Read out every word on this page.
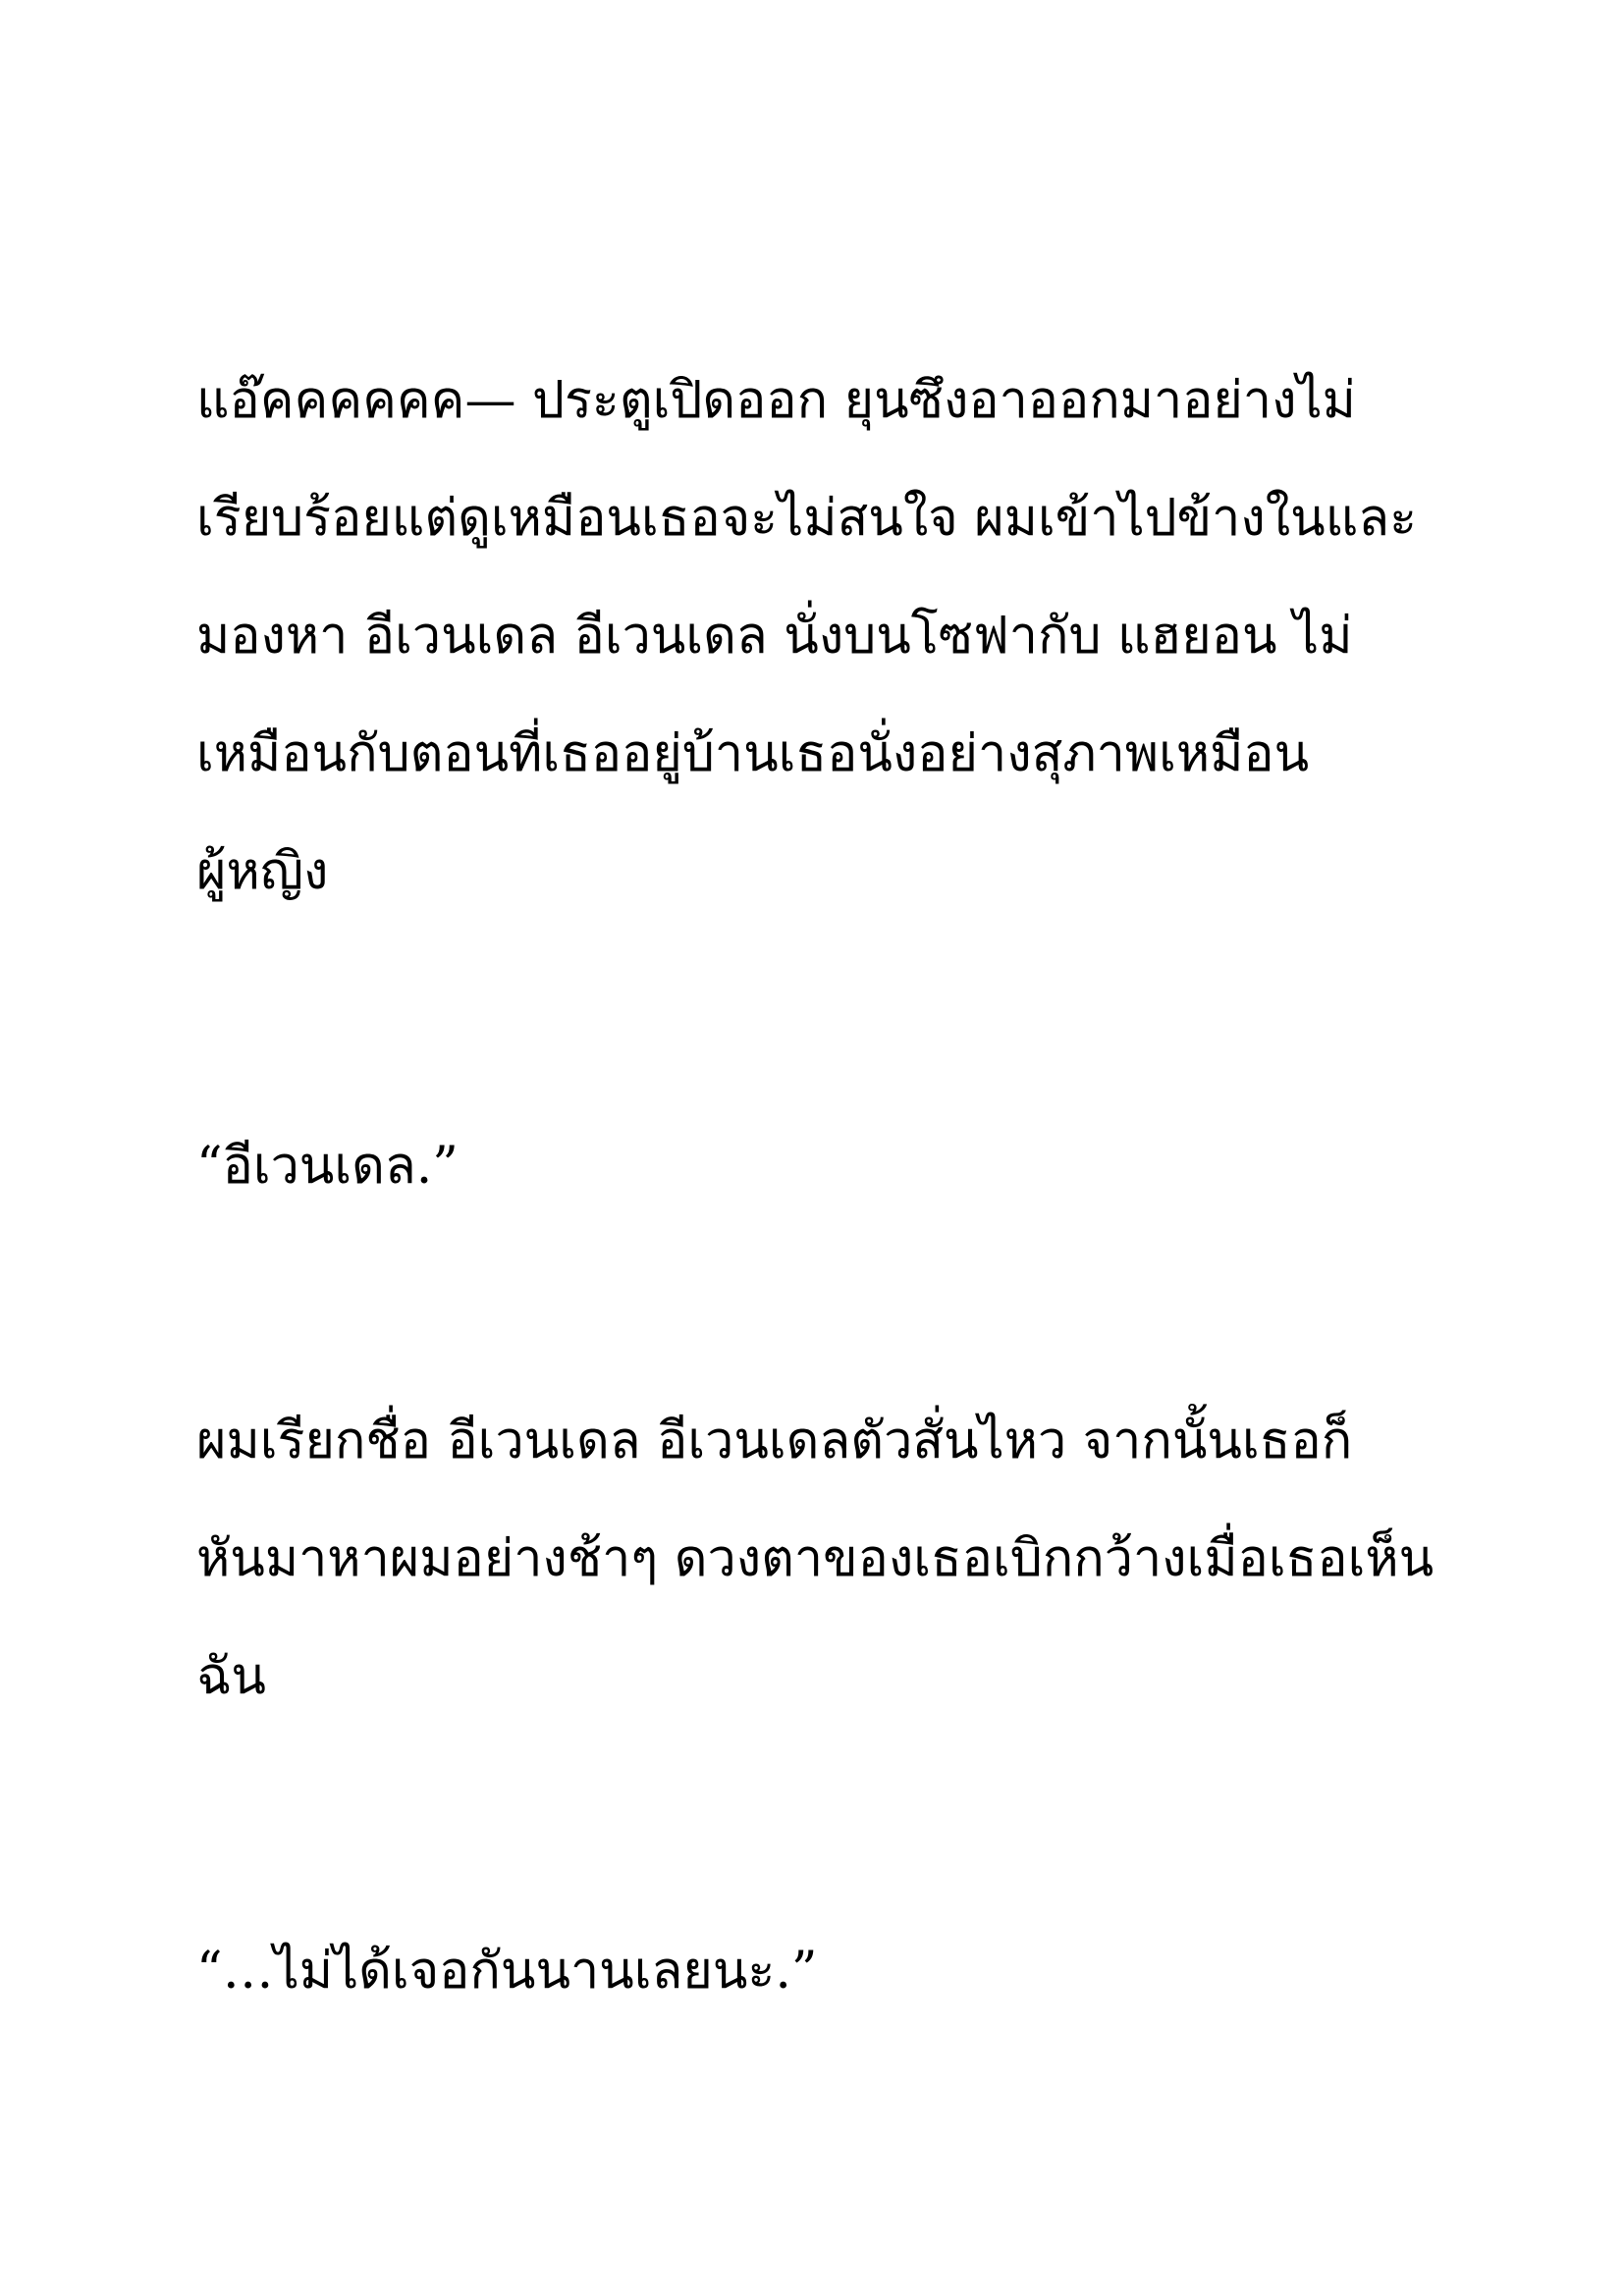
แอ๊คคคคคค— ประตูเปิดออก ยุนซึงอาออกมาอย่างไม่
เรียบร้อยแต่ดูเหมือนเธอจะไม่สนใจ ผมเข้าไปข้างในและ
มองหา อีเวนเดล อีเวนเดล นั่งบนโซฟากับ แฮยอน ไม่
เหมือนกับตอนที่เธออยู่บ้านเธอนั่งอย่างสุภาพเหมือน
ผู้หญิง
“อีเวนเดล.”
ผมเรียกชื่อ อีเวนเดล อีเวนเดลตัวสั่นไหว จากนั้นเธอก็
หันมาหาผมอย่างช้าๆ ดวงตาของเธอเบิกกว้างเมื่อเธอเห็น
ฉัน
“…ไม่ได้เจอกันนานเลยนะ.”
